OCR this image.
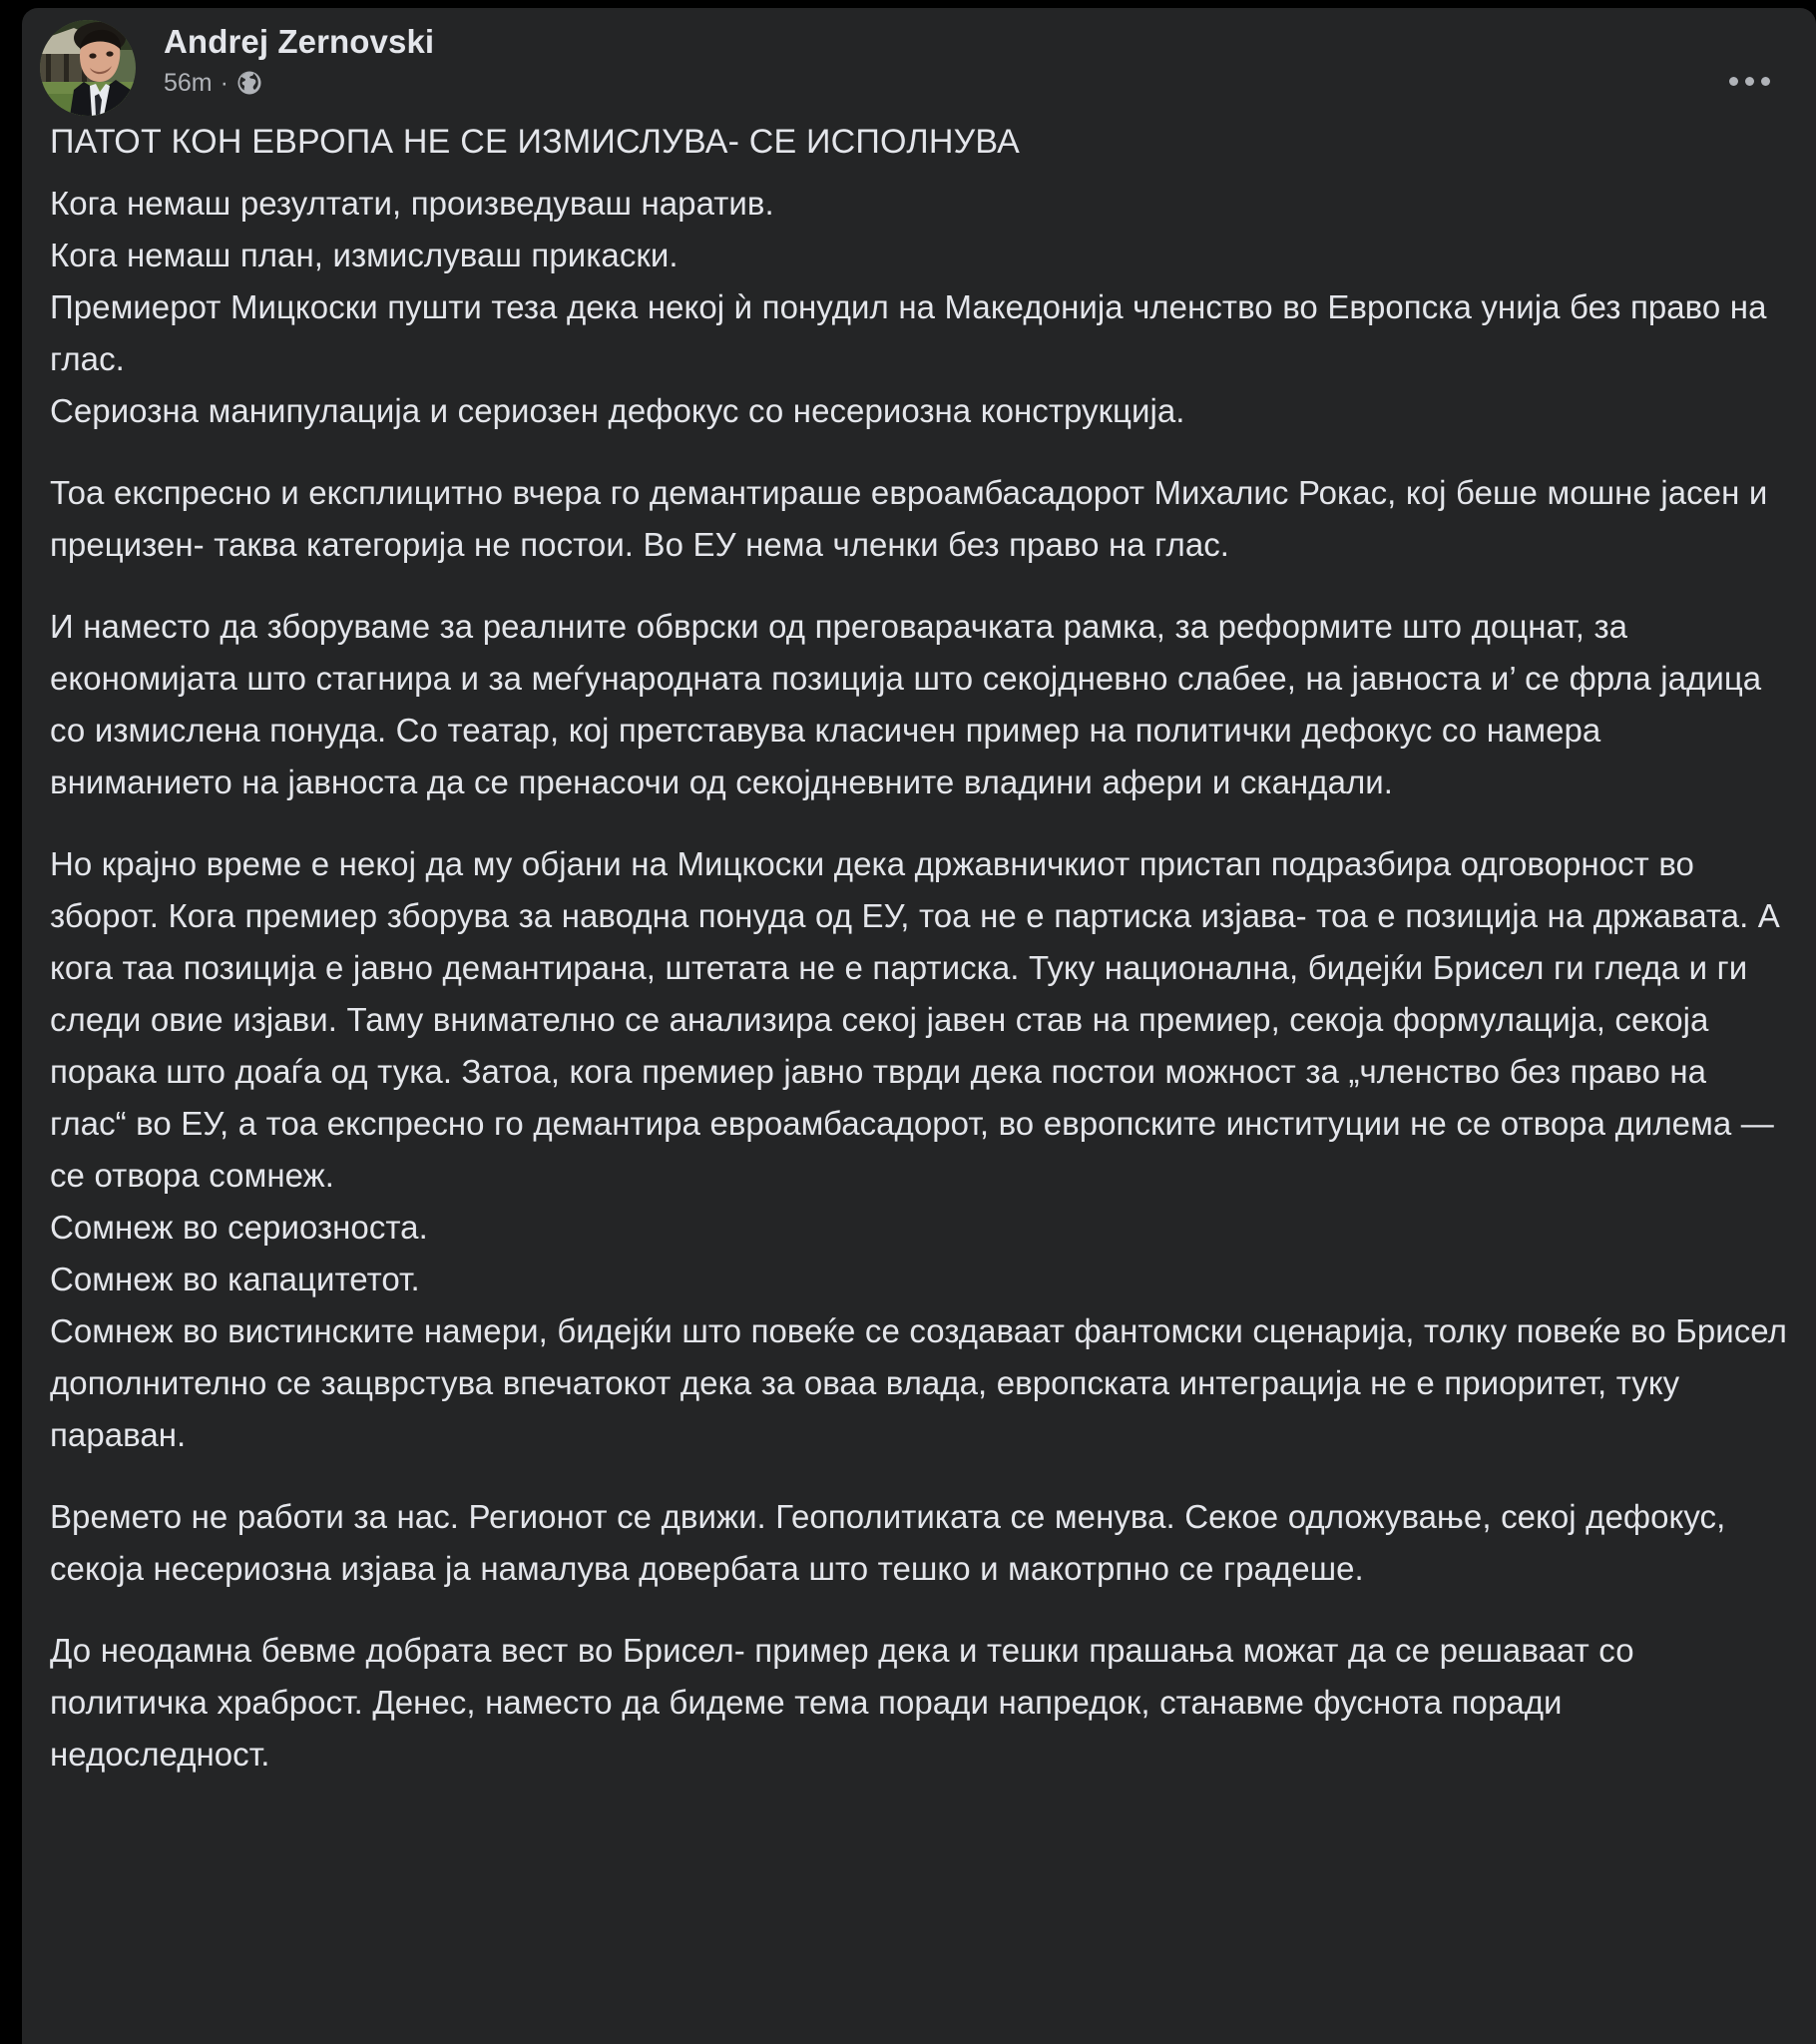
Andrej Zernovski
56m ·
ПАТОТ КОН ЕВРОПА НЕ СЕ ИЗМИСЛУВА- СЕ ИСПОЛНУВА

Кога немаш резултати, произведуваш наратив.
Кога немаш план, измислуваш прикаски.
Премиерот Мицкоски пушти теза дека некој ѝ понудил на Македонија членство во Европска унија без право на глас.
Сериозна манипулација и сериозен дефокус со несериозна конструкција.

Тоа експресно и експлицитно вчера го демантираше евроамбасадорот Михалис Рокас, кој беше мошне јасен и прецизен- таква категорија не постои. Во ЕУ нема членки без право на глас.

И наместо да зборуваме за реалните обврски од преговарачката рамка, за реформите што доцнат, за економијата што стагнира и за меѓународната позиција што секојдневно слабее, на јавноста и’ се фрла јадица со измислена понуда. Со театар, кој претставува класичен пример на политички дефокус со намера вниманието на јавноста да се пренасочи од секојдневните владини афери и скандали.

Но крајно време е некој да му објани на Мицкоски дека државничкиот пристап подразбира одговорност во зборот. Кога премиер зборува за наводна понуда од ЕУ, тоа не е партиска изјава- тоа е позиција на државата. А кога таа позиција е јавно демантирана, штетата не е партиска. Туку национална, бидејќи Брисел ги гледа и ги следи овие изјави. Таму внимателно се анализира секој јавен став на премиер, секоја формулација, секоја порака што доаѓа од тука. Затоа, кога премиер јавно тврди дека постои можност за „членство без право на глас“ во ЕУ, а тоа експресно го демантира евроамбасадорот, во европските институции не се отвора дилема — се отвора сомнеж.
Сомнеж во сериозноста.
Сомнеж во капацитетот.
Сомнеж во вистинските намери, бидејќи што повеќе се создаваат фантомски сценарија, толку повеќе во Брисел дополнително се зацврстува впечатокот дека за оваа влада, европската интеграција не е приоритет, туку параван.

Времето не работи за нас. Регионот се движи. Геополитиката се менува. Секое одложување, секој дефокус, секоја несериозна изјава ја намалува довербата што тешко и макотрпно се градеше.

До неодамна бевме добрата вест во Брисел- пример дека и тешки прашања можат да се решаваат со политичка храброст. Денес, наместо да бидеме тема поради напредок, станавме фуснота поради недоследност.
